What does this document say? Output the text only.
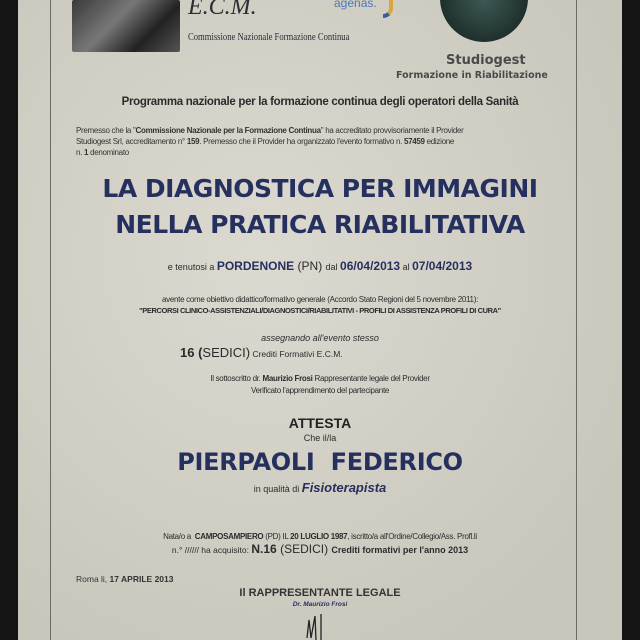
E.C.M.
Commissione Nazionale Formazione Continua
agenas.
Studiogest
Formazione in Riabilitazione
Programma nazionale per la formazione continua degli operatori della Sanità
Premesso che la "Commissione Nazionale per la Formazione Continua" ha accreditato provvisoriamente il Provider
Studiogest Srl, accreditamento n° 159. Premesso che il Provider ha organizzato l'evento formativo n. 57459 edizione
n. 1 denominato
LA DIAGNOSTICA PER IMMAGINI
NELLA PRATICA RIABILITATIVA
e tenutosi a PORDENONE (PN) dal 06/04/2013 al 07/04/2013
avente come obiettivo didattico/formativo generale (Accordo Stato Regioni del 5 novembre 2011):
"PERCORSI CLINICO-ASSISTENZIALI/DIAGNOSTICI/RIABILITATIVI - PROFILI DI ASSISTENZA PROFILI DI CURA"
assegnando all'evento stesso
16 (SEDICI) Crediti Formativi E.C.M.
Il sottoscritto dr. Maurizio Frosi Rappresentante legale del Provider
Verificato l'apprendimento del partecipante
ATTESTA
Che il/la
PIERPAOLI  FEDERICO
in qualità di Fisioterapista

Nata/o a  CAMPOSAMPIERO (PD) IL 20 LUGLIO 1987, iscritto/a all'Ordine/Collegio/Ass. Profl.li

n.° ////// ha acquisito: N.16 (SEDICI) Crediti formativi per l'anno 2013
Roma li, 17 APRILE 2013
Il RAPPRESENTANTE LEGALE
Dr. Maurizio Frosi
